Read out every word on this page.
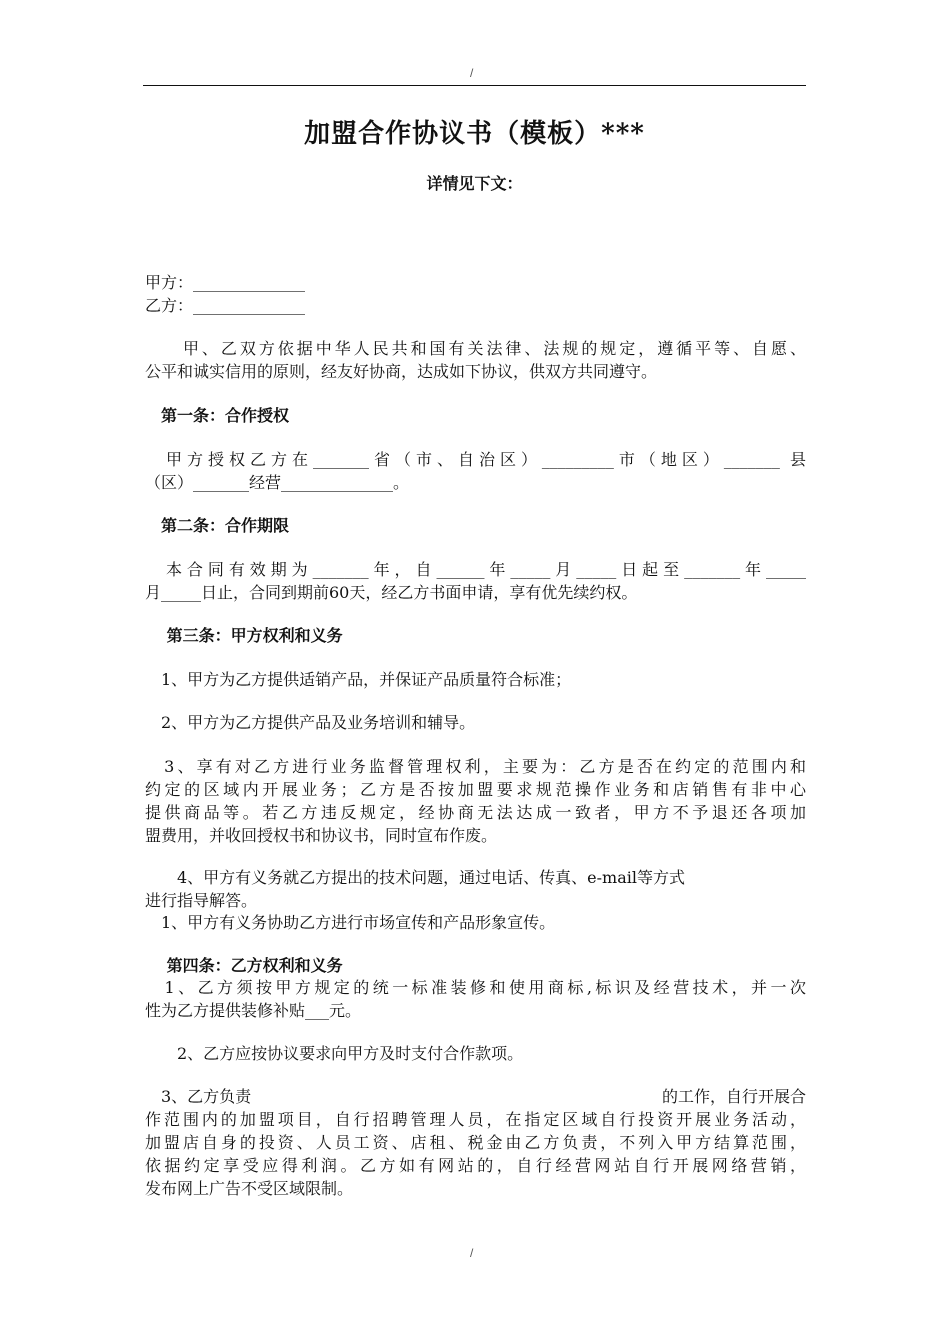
/
加盟合作协议书（模板）***
详情见下文：
甲方：______________
乙方：______________
　　甲、乙双方依据中华人民共和国有关法律、法规的规定，遵循平等、自愿、
公平和诚实信用的原则，经友好协商，达成如下协议，供双方共同遵守。
　第一条：合作授权
　甲方授权乙方在_______省（市、自治区）_________市（地区）_______ 县
（区）_______经营______________。
　第二条：合作期限
　本合同有效期为_______年，自______年_____月_____日起至_______年_____
月_____日止，合同到期前60天，经乙方书面申请，享有优先续约权。
　 第三条：甲方权利和义务
　1、甲方为乙方提供适销产品，并保证产品质量符合标准；
　2、甲方为乙方提供产品及业务培训和辅导。
　3、享有对乙方进行业务监督管理权利，主要为：乙方是否在约定的范围内和
约定的区域内开展业务；乙方是否按加盟要求规范操作业务和店销售有非中心
提供商品等。若乙方违反规定，经协商无法达成一致者，甲方不予退还各项加
盟费用，并收回授权书和协议书，同时宣布作废。
　　4、甲方有义务就乙方提出的技术问题，通过电话、传真、e-mail等方式
进行指导解答。
　1、甲方有义务协助乙方进行市场宣传和产品形象宣传。
　 第四条：乙方权利和义务
　1、乙方须按甲方规定的统一标准装修和使用商标,标识及经营技术，并一次
性为乙方提供装修补贴___元。
　　2、乙方应按协议要求向甲方及时支付合作款项。
　3、乙方负责	的工作，自行开展合
作范围内的加盟项目，自行招聘管理人员，在指定区域自行投资开展业务活动，
加盟店自身的投资、人员工资、店租、税金由乙方负责，不列入甲方结算范围，
依据约定享受应得利润。乙方如有网站的，自行经营网站自行开展网络营销，
发布网上广告不受区域限制。
/
